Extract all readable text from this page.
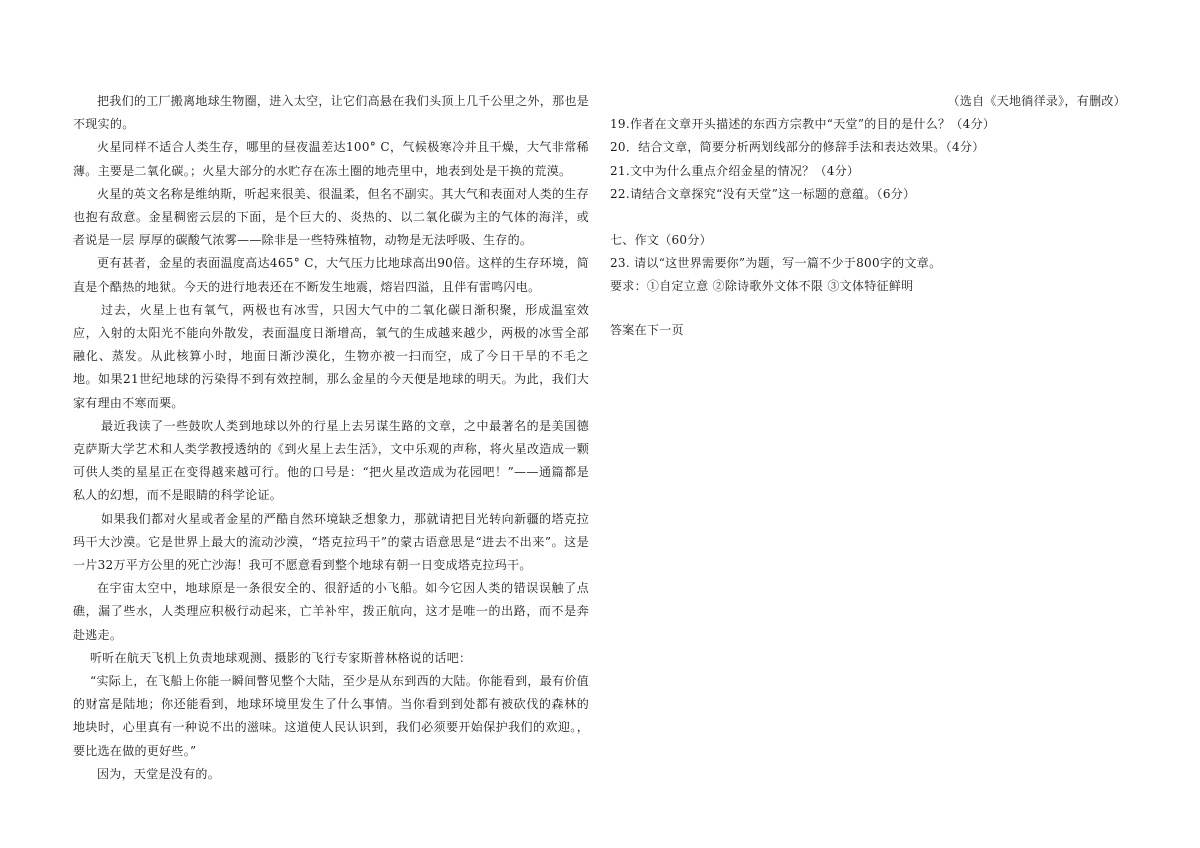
把我们的工厂搬离地球生物圈，进入太空，让它们高悬在我们头顶上几千公里之外，那也是不现实的。

火星同样不适合人类生存，哪里的昼夜温差达100° C，气候极寒冷并且干燥，大气非常稀薄。主要是二氧化碳。；火星大部分的水贮存在冻土圈的地壳里中，地表到处是干换的荒漠。

火星的英文名称是维纳斯，听起来很美、很温柔，但名不副实。其大气和表面对人类的生存也抱有敌意。金星稠密云层的下面，是个巨大的、炎热的、以二氧化碳为主的气体的海洋，或者说是一层 厚厚的碳酸气浓雾——除非是一些特殊植物，动物是无法呼吸、生存的。

更有甚者，金星的表面温度高达465° C，大气压力比地球高出90倍。这样的生存环境，简直是个酷热的地狱。今天的进行地表还在不断发生地震，熔岩四溢，且伴有雷鸣闪电。

过去，火星上也有氧气，两极也有冰雪，只因大气中的二氧化碳日渐积聚，形成温室效应，入射的太阳光不能向外散发，表面温度日渐增高，氧气的生成越来越少，两极的冰雪全部融化、蒸发。从此核算小时，地面日渐沙漠化，生物亦被一扫而空，成了今日干旱的不毛之地。如果21世纪地球的污染得不到有效控制，那么金星的今天便是地球的明天。为此，我们大家有理由不寒而栗。

最近我读了一些鼓吹人类到地球以外的行星上去另谋生路的文章，之中最著名的是美国德克萨斯大学艺术和人类学教授透纳的《到火星上去生活》，文中乐观的声称，将火星改造成一颗可供人类的星星正在变得越来越可行。他的口号是：“把火星改造成为花园吧！”——通篇都是私人的幻想，而不是眼睛的科学论证。

如果我们都对火星或者金星的严酷自然环境缺乏想象力，那就请把目光转向新疆的塔克拉玛干大沙漠。它是世界上最大的流动沙漠，“塔克拉玛干”的蒙古语意思是“进去不出来”。这是一片32万平方公里的死亡沙海！我可不愿意看到整个地球有朝一日变成塔克拉玛干。

在宇宙太空中，地球原是一条很安全的、很舒适的小飞船。如今它因人类的错误误触了点礁，漏了些水，人类理应积极行动起来，亡羊补牢，拨正航向，这才是唯一的出路，而不是奔赴逃走。

听听在航天飞机上负责地球观测、摄影的飞行专家斯普林格说的话吧：

“实际上，在飞船上你能一瞬间瞥见整个大陆，至少是从东到西的大陆。你能看到，最有价值的财富是陆地；你还能看到，地球环境里发生了什么事情。当你看到到处都有被砍伐的森林的地块时，心里真有一种说不出的滋味。这道使人民认识到，我们必须要开始保护我们的欢迎。，要比选在做的更好些。”

因为，天堂是没有的。

（选自《天地徜徉录》，有删改）

19.作者在文章开头描述的东西方宗教中“天堂”的目的是什么？（4分）

20．结合文章，简要分析两划线部分的修辞手法和表达效果。（4分）

21.文中为什么重点介绍金星的情况？（4分）

22.请结合文章探究“没有天堂”这一标题的意蕴。（6分）

七、作文（60分）

23. 请以“这世界需要你”为题，写一篇不少于800字的文章。

要求：①自定立意 ②除诗歌外文体不限 ③文体特征鲜明

答案在下一页
